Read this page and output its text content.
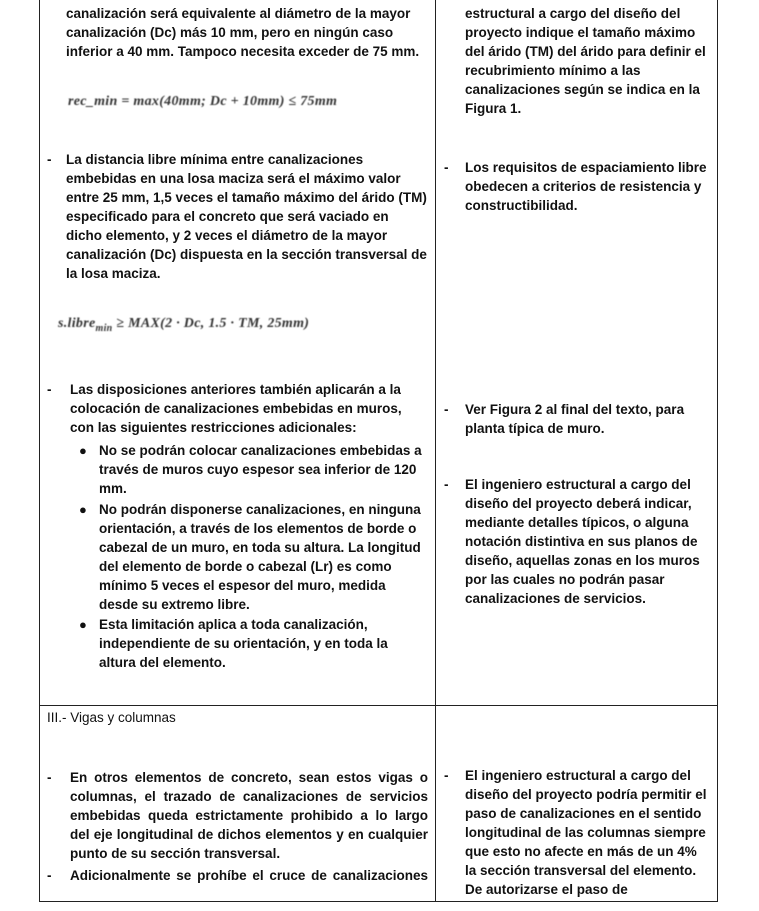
canalización será equivalente al diámetro de la mayor canalización (Dc) más 10 mm, pero en ningún caso inferior a 40 mm. Tampoco necesita exceder de 75 mm.
rec_min = max(40mm; Dc + 10mm) ≤ 75mm
- La distancia libre mínima entre canalizaciones embebidas en una losa maciza será el máximo valor entre 25 mm, 1,5 veces el tamaño máximo del árido (TM) especificado para el concreto que será vaciado en dicho elemento, y 2 veces el diámetro de la mayor canalización (Dc) dispuesta en la sección transversal de la losa maciza.
s.libre$_{min}$ ≥ MAX(2 ∙ Dc, 1.5 ∙ TM, 25mm)
- Las disposiciones anteriores también aplicarán a la colocación de canalizaciones embebidas en muros, con las siguientes restricciones adicionales:
● No se podrán colocar canalizaciones embebidas a través de muros cuyo espesor sea inferior de 120 mm.
● No podrán disponerse canalizaciones, en ninguna orientación, a través de los elementos de borde o cabezal de un muro, en toda su altura. La longitud del elemento de borde o cabezal (Lr) es como mínimo 5 veces el espesor del muro, medida desde su extremo libre.
● Esta limitación aplica a toda canalización, independiente de su orientación, y en toda la altura del elemento.
III.- Vigas y columnas
- En otros elementos de concreto, sean estos vigas o columnas, el trazado de canalizaciones de servicios embebidas queda estrictamente prohibido a lo largo del eje longitudinal de dichos elementos y en cualquier punto de su sección transversal.
- Adicionalmente se prohíbe el cruce de canalizaciones
estructural a cargo del diseño del proyecto indique el tamaño máximo del árido (TM) del árido para definir el recubrimiento mínimo a las canalizaciones según se indica en la Figura 1.
- Los requisitos de espaciamiento libre obedecen a criterios de resistencia y constructibilidad.
- Ver Figura 2 al final del texto, para planta típica de muro.
- El ingeniero estructural a cargo del diseño del proyecto deberá indicar, mediante detalles típicos, o alguna notación distintiva en sus planos de diseño, aquellas zonas en los muros por las cuales no podrán pasar canalizaciones de servicios.
- El ingeniero estructural a cargo del diseño del proyecto podría permitir el paso de canalizaciones en el sentido longitudinal de las columnas siempre que esto no afecte en más de un 4% la sección transversal del elemento. De autorizarse el paso de
